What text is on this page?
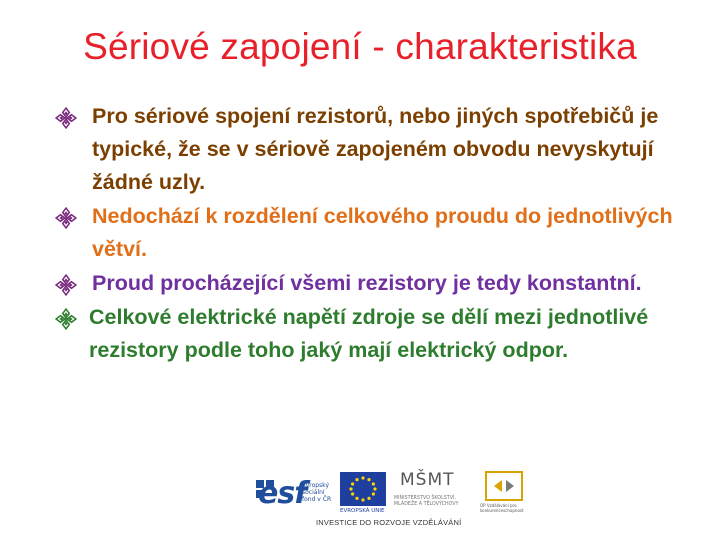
Sériové zapojení - charakteristika
Pro sériové spojení rezistorů, nebo jiných spotřebičů je typické, že se v sériově zapojeném obvodu nevyskytují žádné uzly.
Nedochází k rozdělení celkového proudu do jednotlivých větví.
Proud procházející všemi rezistory je tedy konstantní.
Celkové elektrické napětí zdroje se dělí mezi jednotlivé rezistory podle toho jaký mají elektrický odpor.
esf
evropský sociální fond v ČR
EVROPSKÁ UNIE
MŠMT
MINISTERSTVO ŠKOLSTVÍ, MLÁDEŽE A TĚLOVÝCHOVY	OP Vzdělávání pro konkurenceschopnost
INVESTICE DO ROZVOJE VZDĚLÁVÁNÍ
